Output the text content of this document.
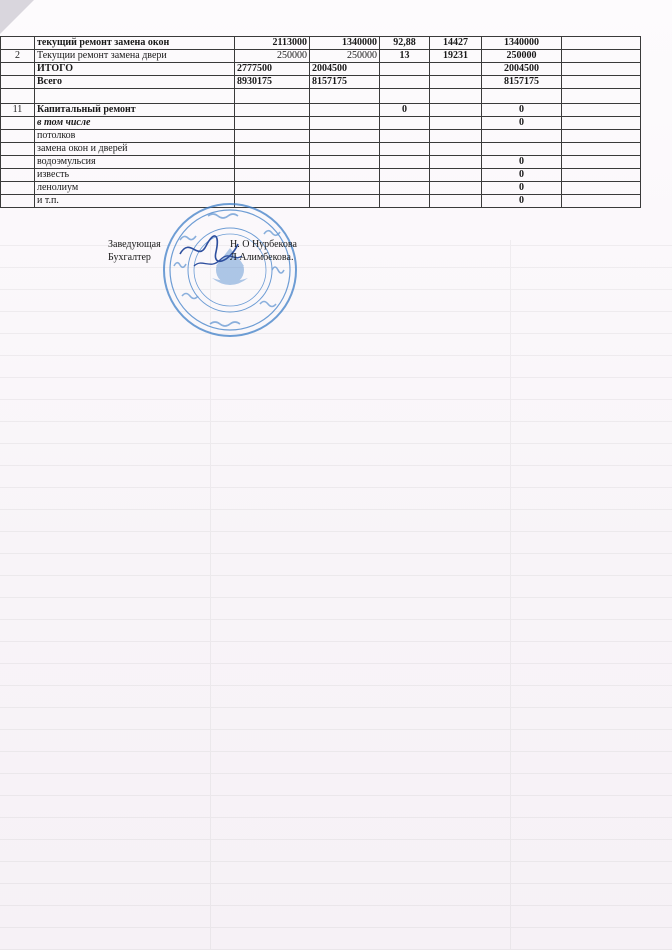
	текущий ремонт замена окон	2113000	1340000	92,88	14427	1340000	
2	Текущии ремонт замена двери	250000	250000	13	19231	250000	
	ИТОГО	2777500	2004500			2004500	
	Всего	8930175	8157175			8157175	

11	Капитальный ремонт			0		0	
	в том числе					0	
	потолков						
	замена окон и дверей						
	водоэмульсия					0	
	известь					0	
	ленолиум					0	
	и т.п.					0	
Заведующая	Н. О Нурбекова
Бухгалтер	Л Алимбекова.
